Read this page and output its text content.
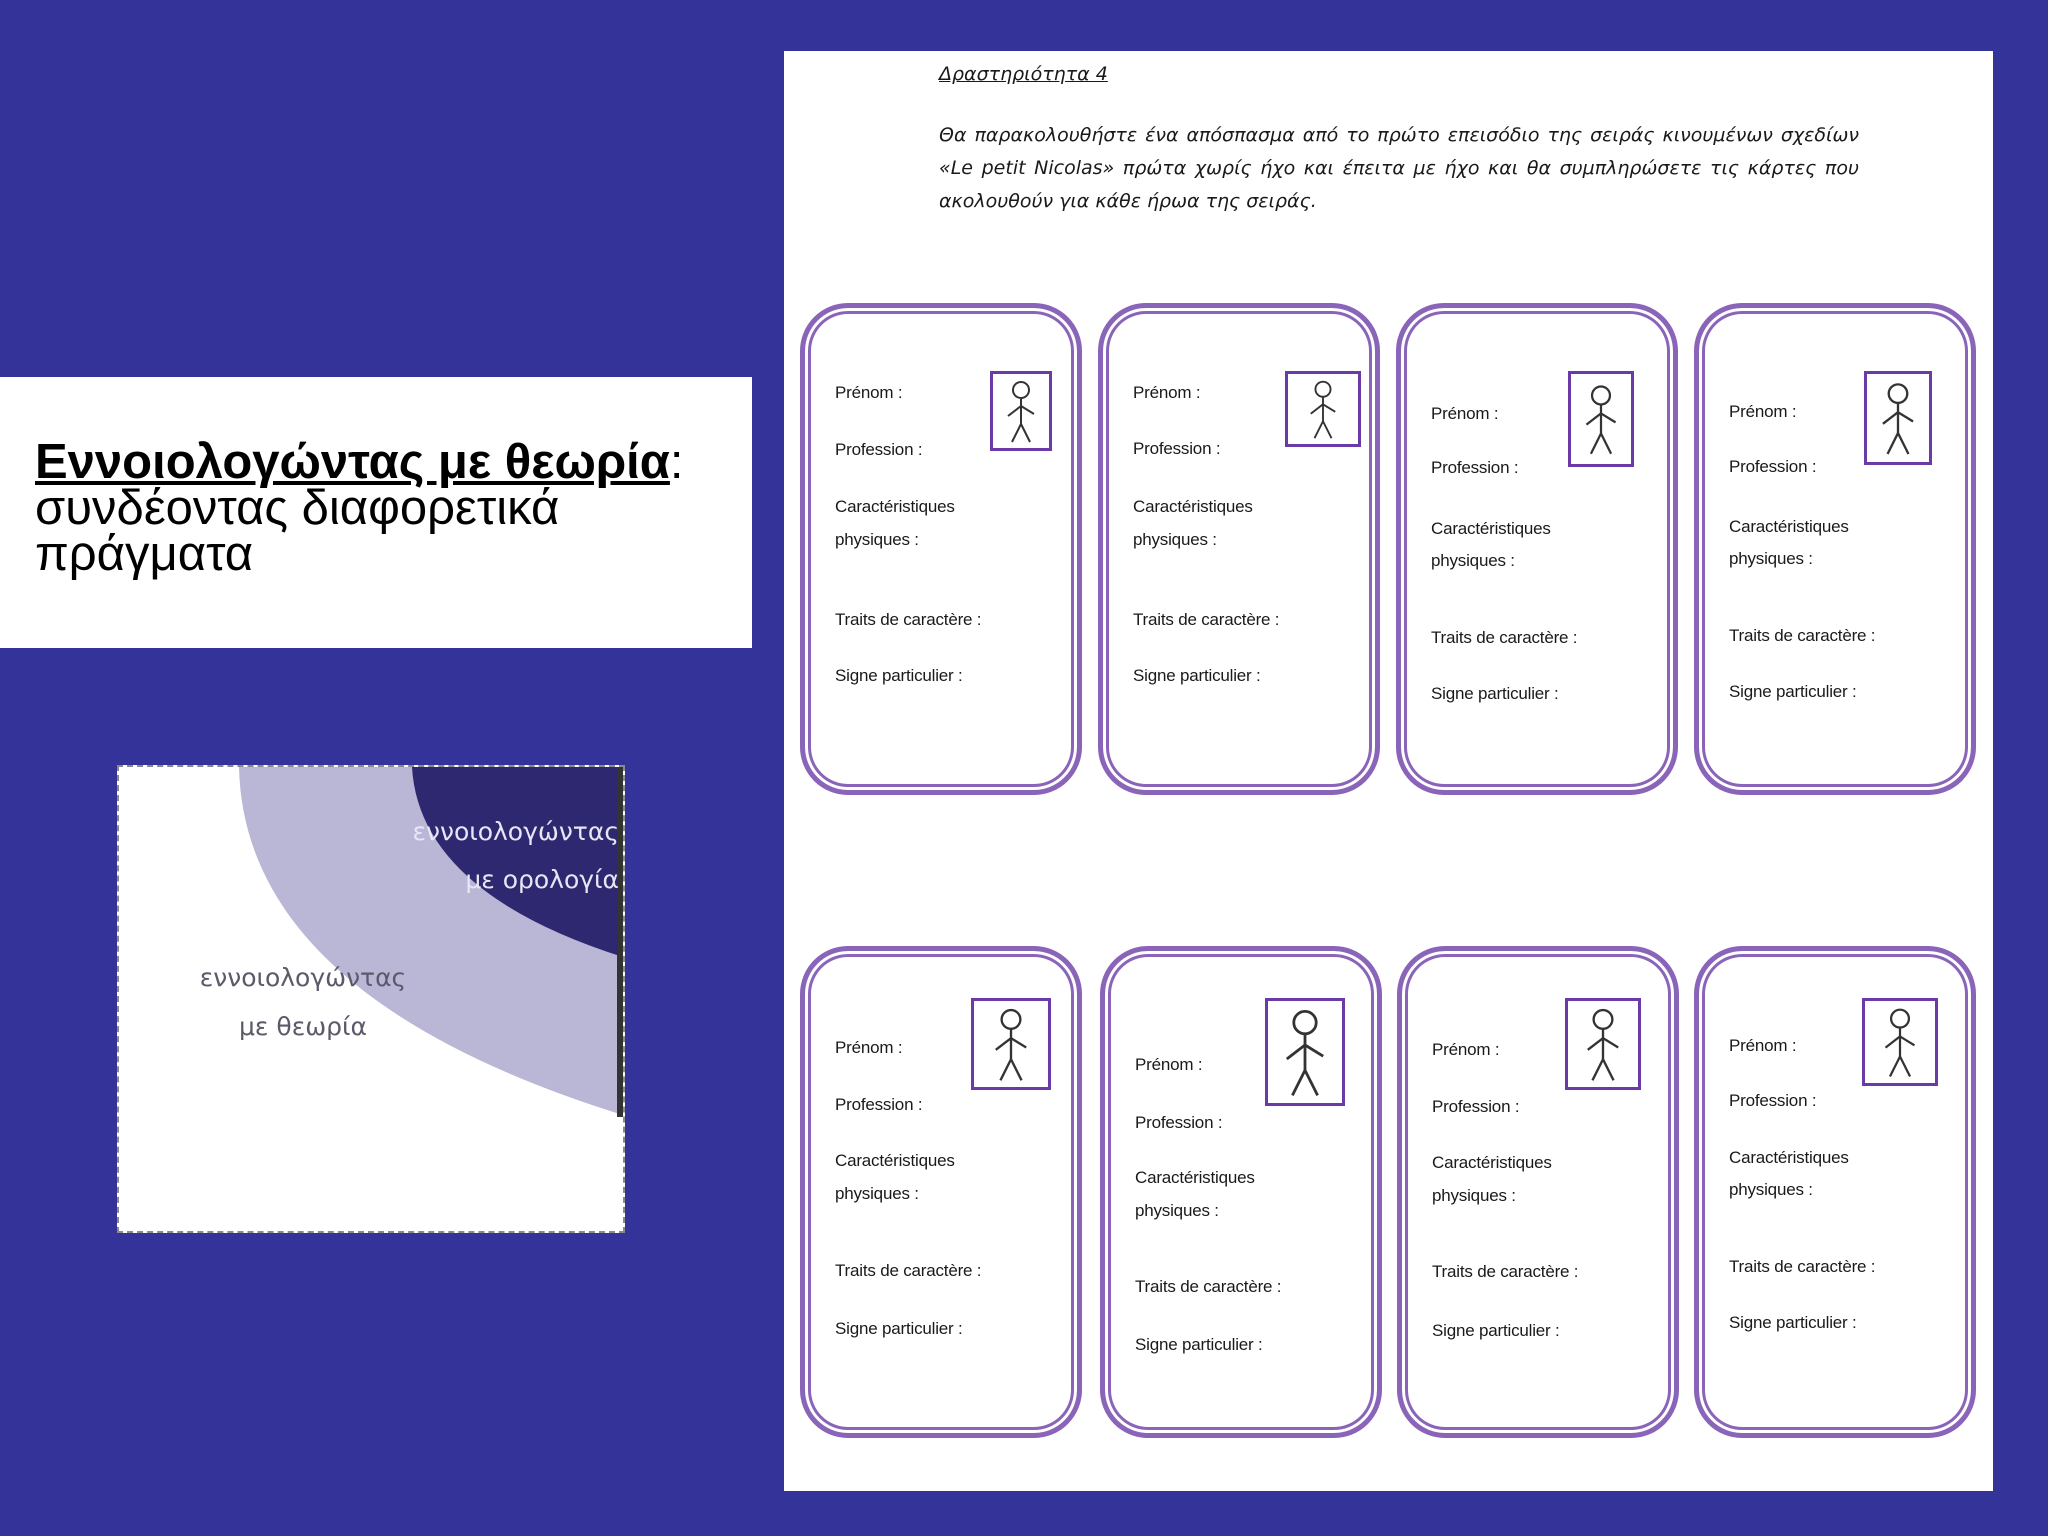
Εννοιολογώντας με θεωρία:
συνδέοντας διαφορετικά πράγματα
εννοιολογώντας
με ορολογία
εννοιολογώντας
με θεωρία
Δραστηριότητα 4
Θα παρακολουθήστε ένα απόσπασμα από το πρώτο επεισόδιο της σειράς κινουμένων σχεδίων «Le petit Nicolas» πρώτα χωρίς ήχο και έπειτα με ήχο και θα συμπληρώσετε τις κάρτες που ακολουθούν για κάθε ήρωα της σειράς.
Prénom :
Profession :
Caractéristiques
physiques :
Traits de caractère :
Signe particulier :
Prénom :
Profession :
Caractéristiques
physiques :
Traits de caractère :
Signe particulier :
Prénom :
Profession :
Caractéristiques
physiques :
Traits de caractère :
Signe particulier :
Prénom :
Profession :
Caractéristiques
physiques :
Traits de caractère :
Signe particulier :
Prénom :
Profession :
Caractéristiques
physiques :
Traits de caractère :
Signe particulier :
Prénom :
Profession :
Caractéristiques
physiques :
Traits de caractère :
Signe particulier :
Prénom :
Profession :
Caractéristiques
physiques :
Traits de caractère :
Signe particulier :
Prénom :
Profession :
Caractéristiques
physiques :
Traits de caractère :
Signe particulier :
